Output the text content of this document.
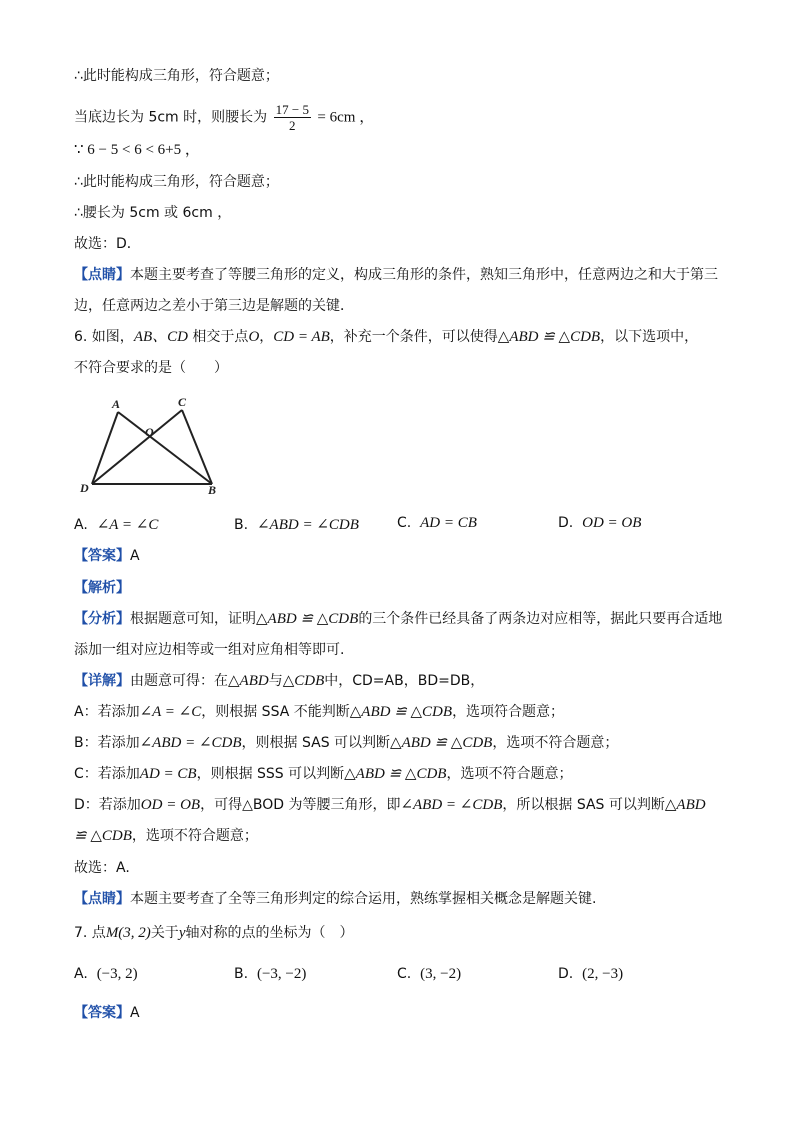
∴此时能构成三角形，符合题意；
当底边长为 5cm 时，则腰长为 $\frac{17 - 5}{2} = 6cm$ ，
∵ 6 − 5 < 6 < 6+5 ，
∴此时能构成三角形，符合题意；
∴腰长为 5cm 或 6cm ，
故选：D．
【点睛】本题主要考查了等腰三角形的定义，构成三角形的条件，熟知三角形中，任意两边之和大于第三
边，任意两边之差小于第三边是解题的关键．
6. 如图，AB、CD 相交于点O，CD = AB，补充一个条件，可以使得△ABD ≌ △CDB，以下选项中，
不符合要求的是（　　）
A	C
O
D	B
A. ∠A = ∠C	B. ∠ABD = ∠CDB	C. AD = CB	D. OD = OB
【答案】A
【解析】
【分析】根据题意可知，证明△ABD ≌ △CDB的三个条件已经具备了两条边对应相等，据此只要再合适地
添加一组对应边相等或一组对应角相等即可.
【详解】由题意可得：在△ABD与△CDB中，CD=AB，BD=DB，
A：若添加∠A = ∠C，则根据 SSA 不能判断△ABD ≌ △CDB，选项符合题意；
B：若添加∠ABD = ∠CDB，则根据 SAS 可以判断△ABD ≌ △CDB，选项不符合题意；
C：若添加AD = CB，则根据 SSS 可以判断△ABD ≌ △CDB，选项不符合题意；
D：若添加OD = OB，可得△BOD 为等腰三角形，即∠ABD = ∠CDB，所以根据 SAS 可以判断△ABD
≌ △CDB，选项不符合题意；
故选：A.
【点睛】本题主要考查了全等三角形判定的综合运用，熟练掌握相关概念是解题关键.
7. 点M(3, 2)关于y轴对称的点的坐标为（　）
A. (−3, 2)	B. (−3, −2)	C. (3, −2)	D. (2, −3)
【答案】A
